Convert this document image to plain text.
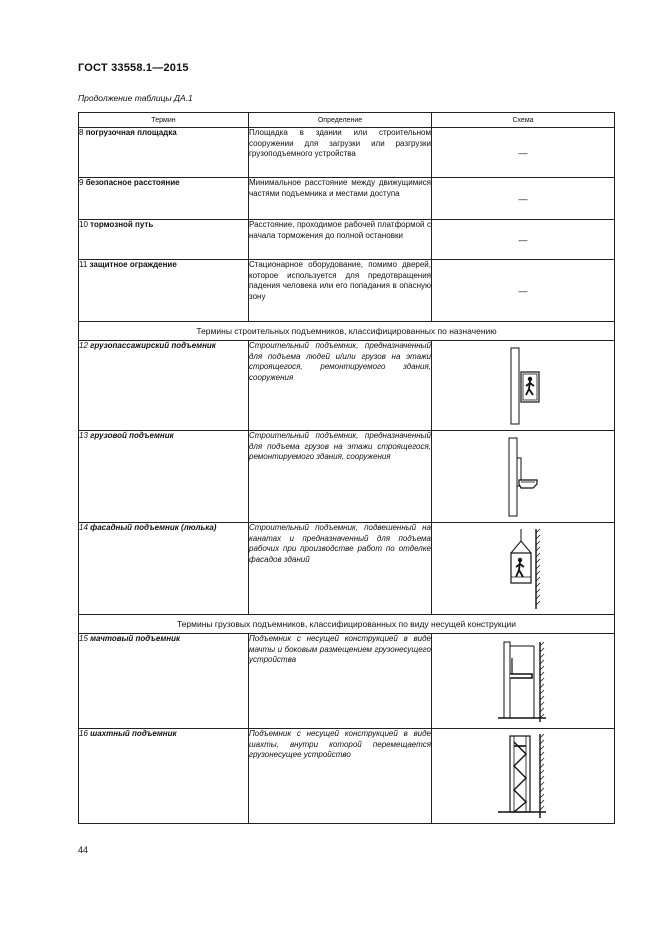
ГОСТ 33558.1—2015
Продолжение таблицы ДА.1
Термин	Определение	Схема
8 погрузочная площадка	Площадка в здании или строительном сооружении для загрузки или разгрузки грузоподъемного устройства	—
9 безопасное расстояние	Минимальное расстояние между движущимися частями подъемника и местами доступа	—
10 тормозной путь	Расстояние, проходимое рабочей платформой с начала торможения до полной остановки	—
11 защитное ограждение	Стационарное оборудование, помимо дверей, которое используется для предотвращения падения человека или его попадания в опасную зону	—
Термины строительных подъемников, классифицированных по назначению		
12 грузопассажирский подъемник	Строительный подъемник, предназначенный для подъема людей и/или грузов на этажи строящегося, ремонтируемого здания, сооружения	

13 грузовой подъемник	Строительный подъемник, предназначенный для подъема грузов на этажи строящегося, ремонтируемого здания, сооружения	

14 фасадный подъемник (люлька)	Строительный подъемник, подвешенный на канатах и предназначенный для подъема рабочих при производстве работ по отделке фасадов зданий	

Термины грузовых подъемников, классифицированных по виду несущей конструкции		
15 мачтовый подъемник	Подъемник с несущей конструкцией в виде мачты и боковым размещением грузонесущего устройства	

16 шахтный подъемник	Подъемник с несущей конструкцией в виде шахты, внутри которой перемещается грузонесущее устройство	
44
